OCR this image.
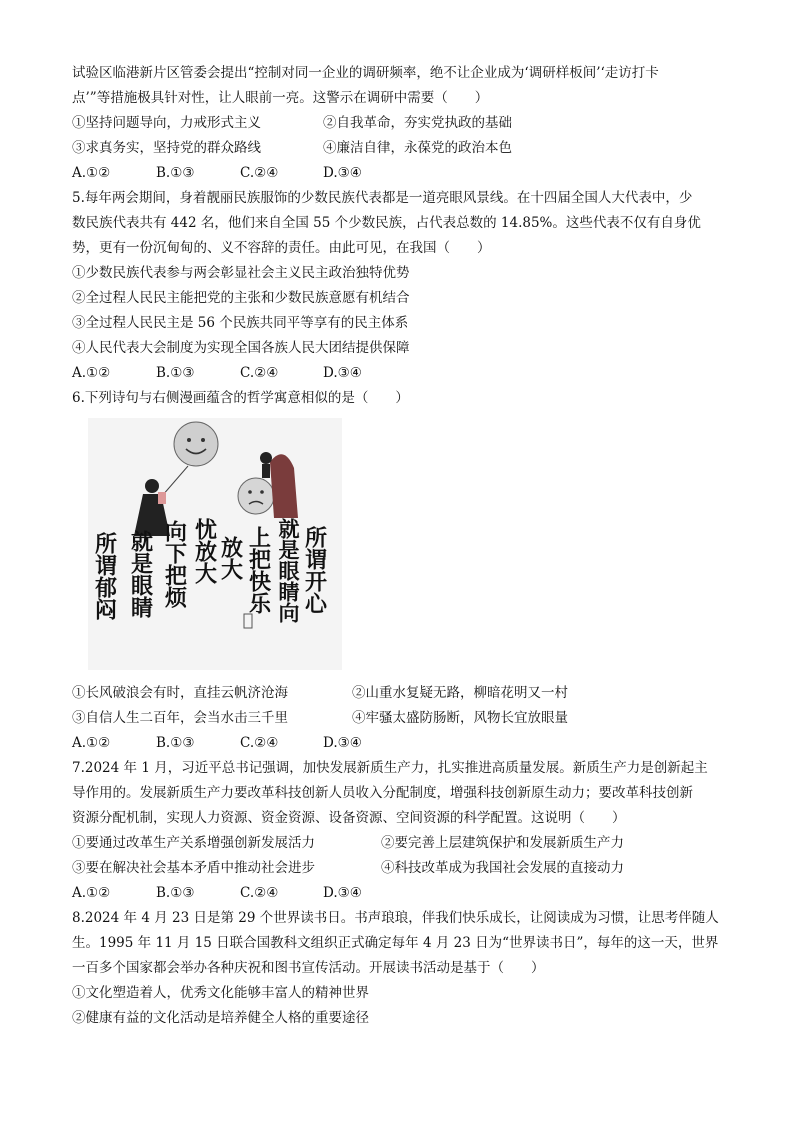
试验区临港新片区管委会提出“控制对同一企业的调研频率，绝不让企业成为‘调研样板间’‘走访打卡
点’”等措施极具针对性，让人眼前一亮。这警示在调研中需要（　　）
①坚持问题导向，力戒形式主义	②自我革命，夯实党执政的基础
③求真务实，坚持党的群众路线	④廉洁自律，永葆党的政治本色
A.①②	B.①③	C.②④	D.③④
5.每年两会期间，身着靓丽民族服饰的少数民族代表都是一道亮眼风景线。在十四届全国人大代表中，少
数民族代表共有 442 名，他们来自全国 55 个少数民族，占代表总数的 14.85%。这些代表不仅有自身优
势，更有一份沉甸甸的、义不容辞的责任。由此可见，在我国（　　）
①少数民族代表参与两会彰显社会主义民主政治独特优势
②全过程人民民主能把党的主张和少数民族意愿有机结合
③全过程人民民主是 56 个民族共同平等享有的民主体系
④人民代表大会制度为实现全国各族人民大团结提供保障
A.①②	B.①③	C.②④	D.③④
6.下列诗句与右侧漫画蕴含的哲学寓意相似的是（　　）
所谓开心
就是眼睛向
上把快乐
放大
忧放大
向下把烦
就是眼睛
所谓郁闷
①长风破浪会有时，直挂云帆济沧海	②山重水复疑无路，柳暗花明又一村
③自信人生二百年，会当水击三千里	④牢骚太盛防肠断，风物长宜放眼量
A.①②	B.①③	C.②④	D.③④
7.2024 年 1 月，习近平总书记强调，加快发展新质生产力，扎实推进高质量发展。新质生产力是创新起主
导作用的。发展新质生产力要改革科技创新人员收入分配制度，增强科技创新原生动力；要改革科技创新
资源分配机制，实现人力资源、资金资源、设备资源、空间资源的科学配置。这说明（　　）
①要通过改革生产关系增强创新发展活力	②要完善上层建筑保护和发展新质生产力
③要在解决社会基本矛盾中推动社会进步	④科技改革成为我国社会发展的直接动力
A.①②	B.①③	C.②④	D.③④
8.2024 年 4 月 23 日是第 29 个世界读书日。书声琅琅，伴我们快乐成长，让阅读成为习惯，让思考伴随人
生。1995 年 11 月 15 日联合国教科文组织正式确定每年 4 月 23 日为“世界读书日”，每年的这一天，世界
一百多个国家都会举办各种庆祝和图书宣传活动。开展读书活动是基于（　　）
①文化塑造着人，优秀文化能够丰富人的精神世界
②健康有益的文化活动是培养健全人格的重要途径
